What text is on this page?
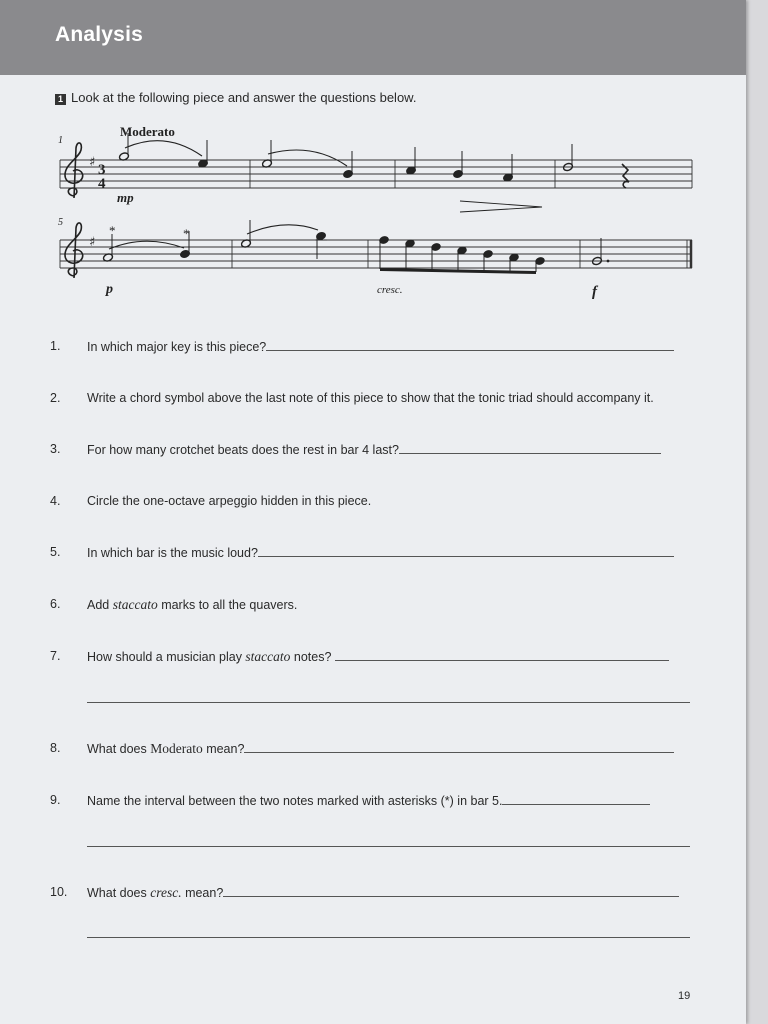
Analysis
1 Look at the following piece and answer the questions below.
1
5
Moderato
♯ 3
4
mp
♯
*	*
p	cresc.	f
1.	In which major key is this piece?
2.	Write a chord symbol above the last note of this piece to show that the tonic triad should accompany it.
3.	For how many crotchet beats does the rest in bar 4 last?
4.	Circle the one-octave arpeggio hidden in this piece.
5.	In which bar is the music loud?
6.	Add staccato marks to all the quavers.
7.	How should a musician play staccato notes?
8.	What does Moderato mean?
9.	Name the interval between the two notes marked with asterisks (*) in bar 5.
10.	What does cresc. mean?
19
